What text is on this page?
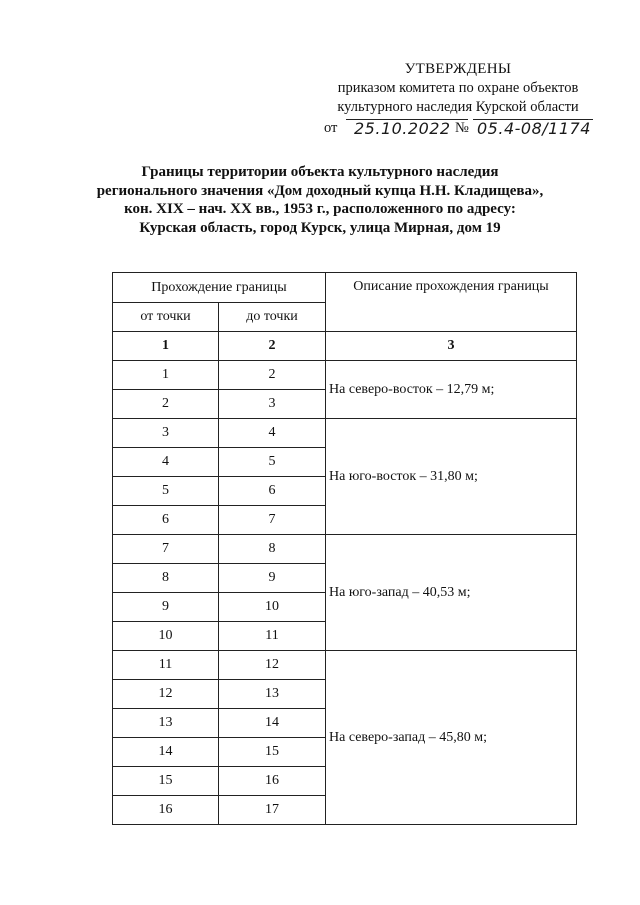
УТВЕРЖДЕНЫ
приказом комитета по охране объектов
культурного наследия Курской области
от 25.10.2022 № 05.4-08/1174
Границы территории объекта культурного наследия
регионального значения «Дом доходный купца Н.Н. Кладищева»,
кон. XIX – нач. XX вв., 1953 г., расположенного по адресу:
Курская область, город Курск, улица Мирная, дом 19
Прохождение границы		Описание прохождения границы
от точки	до точки	
1	2	3
1	2	На северо-восток – 12,79 м;
2	3	
3	4	На юго-восток – 31,80 м;
4	5	
5	6	
6	7	
7	8	На юго-запад – 40,53 м;
8	9	
9	10	
10	11	
11	12	На северо-запад – 45,80 м;
12	13	
13	14	
14	15	
15	16	
16	17	
